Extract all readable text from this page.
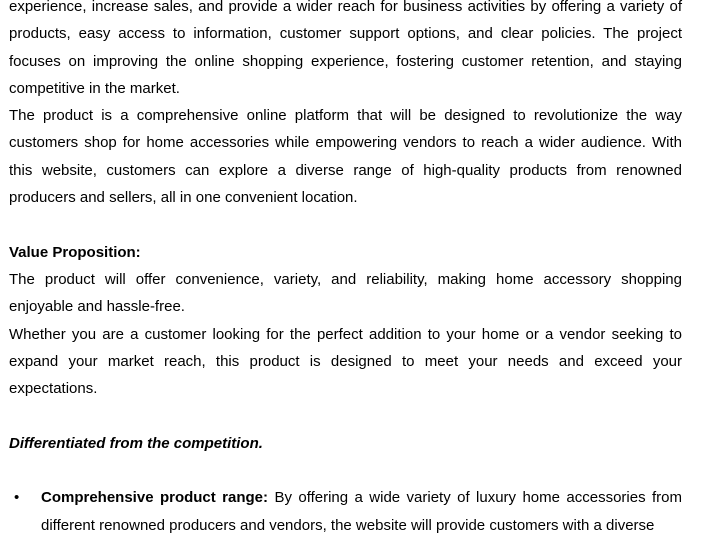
experience, increase sales, and provide a wider reach for business activities by offering a variety of products, easy access to information, customer support options, and clear policies. The project focuses on improving the online shopping experience, fostering customer retention, and staying competitive in the market.

The product is a comprehensive online platform that will be designed to revolutionize the way customers shop for home accessories while empowering vendors to reach a wider audience. With this website, customers can explore a diverse range of high-quality products from renowned producers and sellers, all in one convenient location.

Value Proposition:

The product will offer convenience, variety, and reliability, making home accessory shopping enjoyable and hassle-free.

Whether you are a customer looking for the perfect addition to your home or a vendor seeking to expand your market reach, this product is designed to meet your needs and exceed your expectations.

Differentiated from the competition.

• Comprehensive product range: By offering a wide variety of luxury home accessories from different renowned producers and vendors, the website will provide customers with a diverse
